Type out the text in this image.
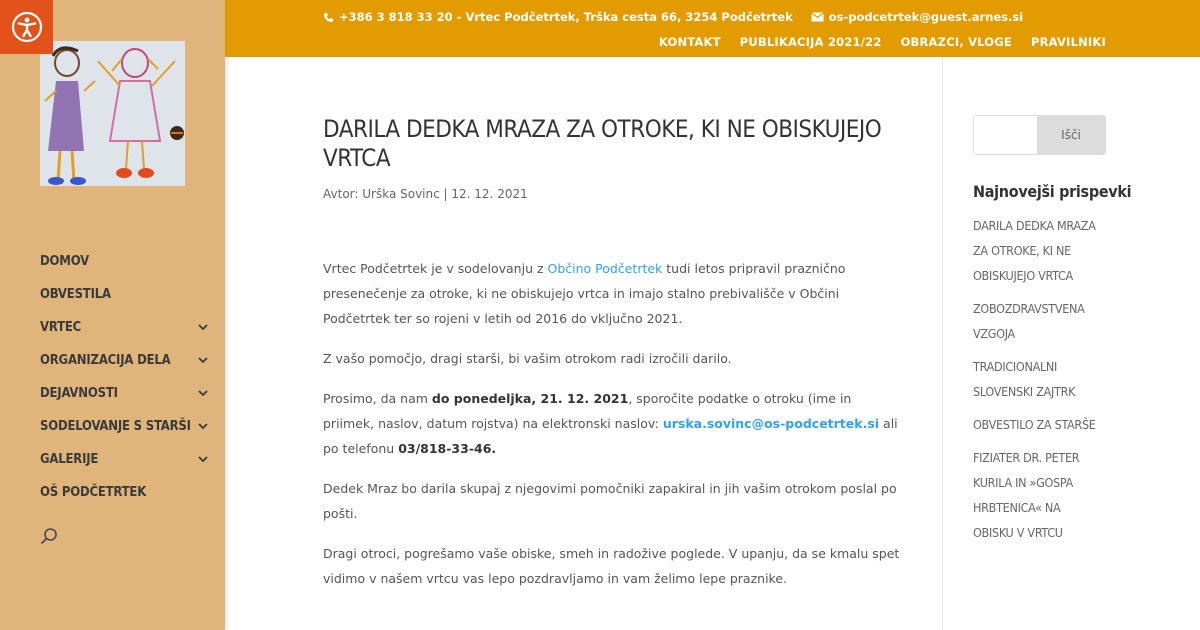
DOMOV
OBVESTILA
VRTEC
ORGANIZACIJA DELA
DEJAVNOSTI
SODELOVANJE S STARŠI
GALERIJE
OŠ PODČETRTEK
+386 3 818 33 20 - Vrtec Podčetrtek, Trška cesta 66, 3254 Podčetrtek	os-podcetrtek@guest.arnes.si
KONTAKT PUBLIKACIJA 2021/22 OBRAZCI, VLOGE PRAVILNIKI
DARILA DEDKA MRAZA ZA OTROKE, KI NE OBISKUJEJO VRTCA

Avtor: Urška Sovinc | 12. 12. 2021

Vrtec Podčetrtek je v sodelovanju z Občino Podčetrtek tudi letos pripravil praznično presenečenje za otroke, ki ne obiskujejo vrtca in imajo stalno prebivališče v Občini Podčetrtek ter so rojeni v letih od 2016 do vključno 2021.

Z vašo pomočjo, dragi starši, bi vašim otrokom radi izročili darilo.

Prosimo, da nam do ponedeljka, 21. 12. 2021, sporočite podatke o otroku (ime in priimek, naslov, datum rojstva) na elektronski naslov: urska.sovinc@os-podcetrtek.si ali po telefonu 03/818-33-46.

Dedek Mraz bo darila skupaj z njegovimi pomočniki zapakiral in jih vašim otrokom poslal po pošti.

Dragi otroci, pogrešamo vaše obiske, smeh in radožive poglede. V upanju, da se kmalu spet vidimo v našem vrtcu vas lepo pozdravljamo in vam želimo lepe praznike.

Išči
Najnovejši prispevki
DARILA DEDKA MRAZA ZA OTROKE, KI NE OBISKUJEJO VRTCA
ZOBOZDRAVSTVENA VZGOJA
TRADICIONALNI SLOVENSKI ZAJTRK
OBVESTILO ZA STARŠE
FIZIATER DR. PETER KURILA IN »GOSPA HRBTENICA« NA OBISKU V VRTCU
